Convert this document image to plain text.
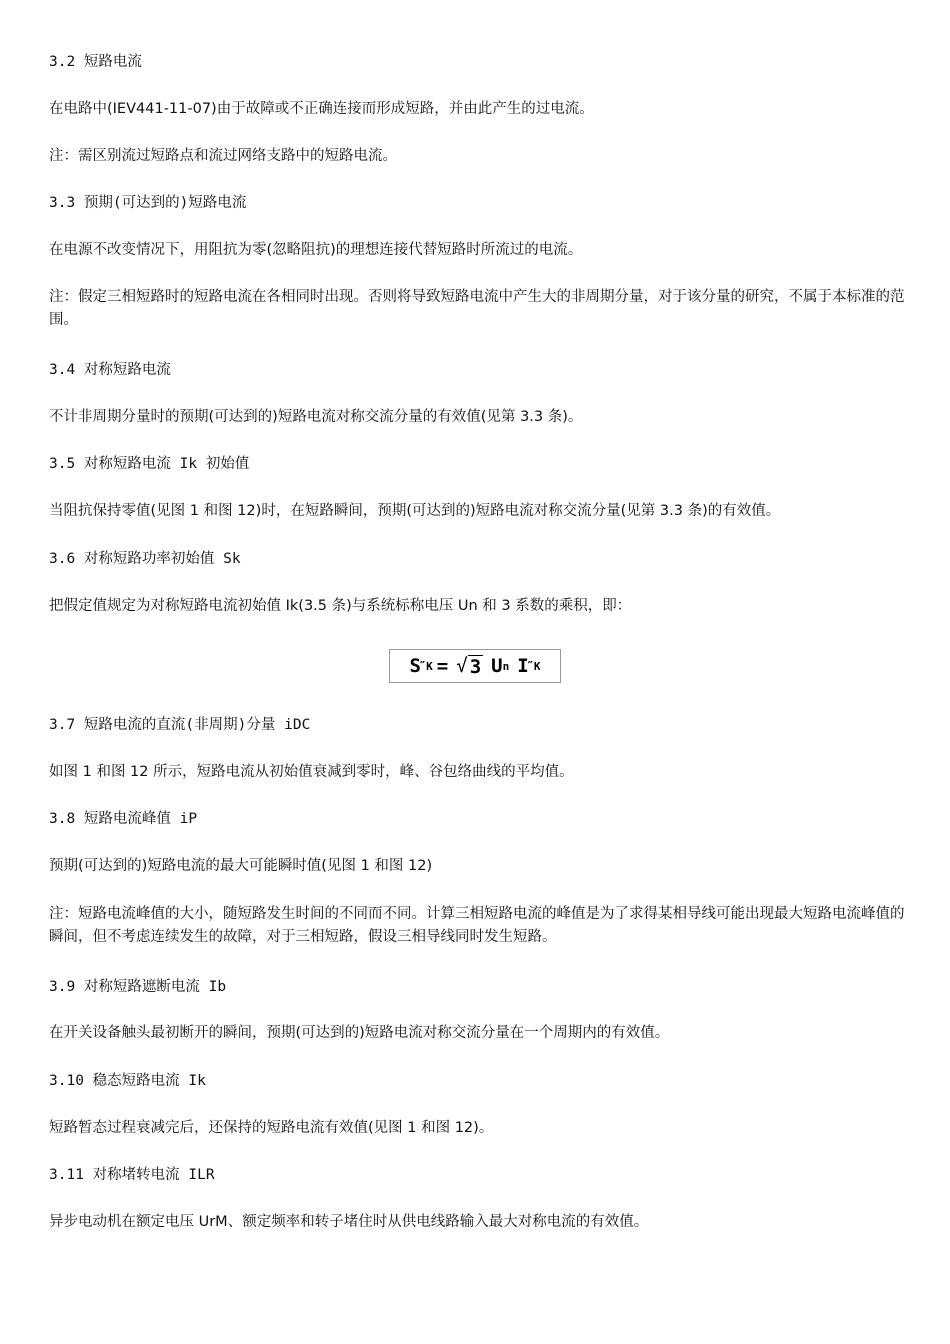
3.2 短路电流

在电路中(IEV441-11-07)由于故障或不正确连接而形成短路，并由此产生的过电流。

注：需区别流过短路点和流过网络支路中的短路电流。

3.3 预期(可达到的)短路电流

在电源不改变情况下，用阻抗为零(忽略阻抗)的理想连接代替短路时所流过的电流。

注：假定三相短路时的短路电流在各相同时出现。否则将导致短路电流中产生大的非周期分量，对于该分量的研究，不属于本标准的范围。

3.4 对称短路电流

不计非周期分量时的预期(可达到的)短路电流对称交流分量的有效值(见第 3.3 条)。

3.5 对称短路电流 Ik 初始值

当阻抗保持零值(见图 1 和图 12)时，在短路瞬间，预期(可达到的)短路电流对称交流分量(见第 3.3 条)的有效值。

3.6 对称短路功率初始值 Sk

把假定值规定为对称短路电流初始值 Ik(3.5 条)与系统标称电压 Un 和 3 系数的乘积，即：

S
″ K = √ 3 U n I
″ K

3.7 短路电流的直流(非周期)分量 iDC

如图 1 和图 12 所示，短路电流从初始值衰减到零时，峰、谷包络曲线的平均值。

3.8 短路电流峰值 iP

预期(可达到的)短路电流的最大可能瞬时值(见图 1 和图 12)

注：短路电流峰值的大小，随短路发生时间的不同而不同。计算三相短路电流的峰值是为了求得某相导线可能出现最大短路电流峰值的瞬间，但不考虑连续发生的故障，对于三相短路，假设三相导线同时发生短路。

3.9 对称短路遮断电流 Ib

在开关设备触头最初断开的瞬间，预期(可达到的)短路电流对称交流分量在一个周期内的有效值。

3.10 稳态短路电流 Ik

短路暂态过程衰减完后，还保持的短路电流有效值(见图 1 和图 12)。

3.11 对称堵转电流 ILR

异步电动机在额定电压 UrM、额定频率和转子堵住时从供电线路输入最大对称电流的有效值。
